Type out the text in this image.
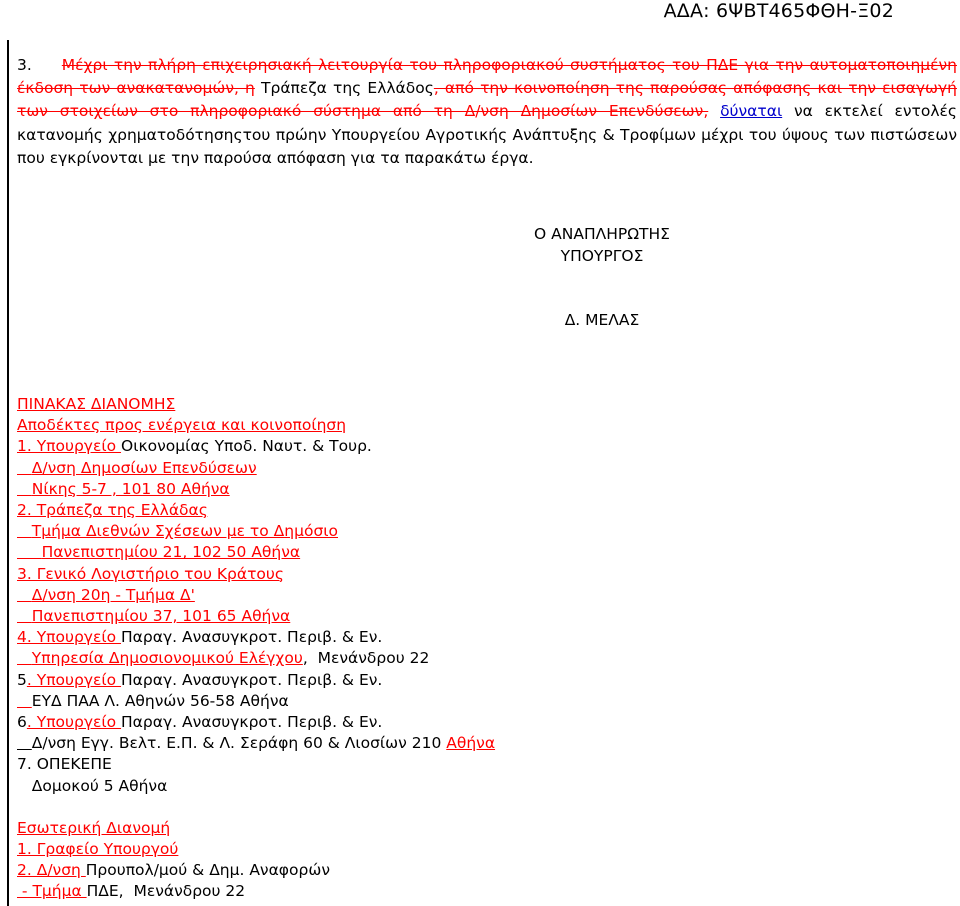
ΑΔΑ: 6ΨΒΤ465ΦΘΗ-Ξ02

3. Μέχρι την πλήρη επιχειρησιακή λειτουργία του πληροφοριακού συστήματος του ΠΔΕ για την αυτοματοποιημένη έκδοση των ανακατανομών, η Τράπεζα της Ελλάδος, από την κοινοποίηση της παρούσας απόφασης και την εισαγωγή των στοιχείων στο πληροφοριακό σύστημα από τη Δ/νση Δημοσίων Επενδύσεων, δύναται να εκτελεί εντολές κατανομής χρηματοδότησηςτου πρώην Υπουργείου Αγροτικής Ανάπτυξης & Τροφίμων μέχρι του ύψους των πιστώσεων που εγκρίνονται με την παρούσα απόφαση για τα παρακάτω έργα.

Ο ΑΝΑΠΛΗΡΩΤΗΣ
ΥΠΟΥΡΓΟΣ
Δ. ΜΕΛΑΣ
ΠΙΝΑΚΑΣ ΔΙΑΝΟΜΗΣ
Αποδέκτες προς ενέργεια και κοινοποίηση
1. Υπουργείο Οικονομίας Υποδ. Ναυτ. & Τουρ.
Δ/νση Δημοσίων Επενδύσεων
Νίκης 5-7 , 101 80 Αθήνα
2. Τράπεζα της Ελλάδας
Τμήμα Διεθνών Σχέσεων με το Δημόσιο
Πανεπιστημίου 21, 102 50 Αθήνα
3. Γενικό Λογιστήριο του Κράτους
Δ/νση 20η - Τμήμα Δ'
Πανεπιστημίου 37, 101 65 Αθήνα
4. Υπουργείο Παραγ. Ανασυγκροτ. Περιβ. & Εν.
Υπηρεσία Δημοσιονομικού Ελέγχου,  Μενάνδρου 22
5. Υπουργείο Παραγ. Ανασυγκροτ. Περιβ. & Εν.
ΕΥΔ ΠΑΑ Λ. Αθηνών 56-58 Αθήνα
6. Υπουργείο Παραγ. Ανασυγκροτ. Περιβ. & Εν.
Δ/νση Εγγ. Βελτ. Ε.Π. & Λ. Σεράφη 60 & Λιοσίων 210 Αθήνα
7. ΟΠΕΚΕΠΕ
Δομοκού 5 Αθήνα
Εσωτερική Διανομή
1. Γραφείο Υπουργού
2. Δ/νση Προυπολ/μού & Δημ. Αναφορών
- Τμήμα ΠΔΕ,  Μενάνδρου 22
